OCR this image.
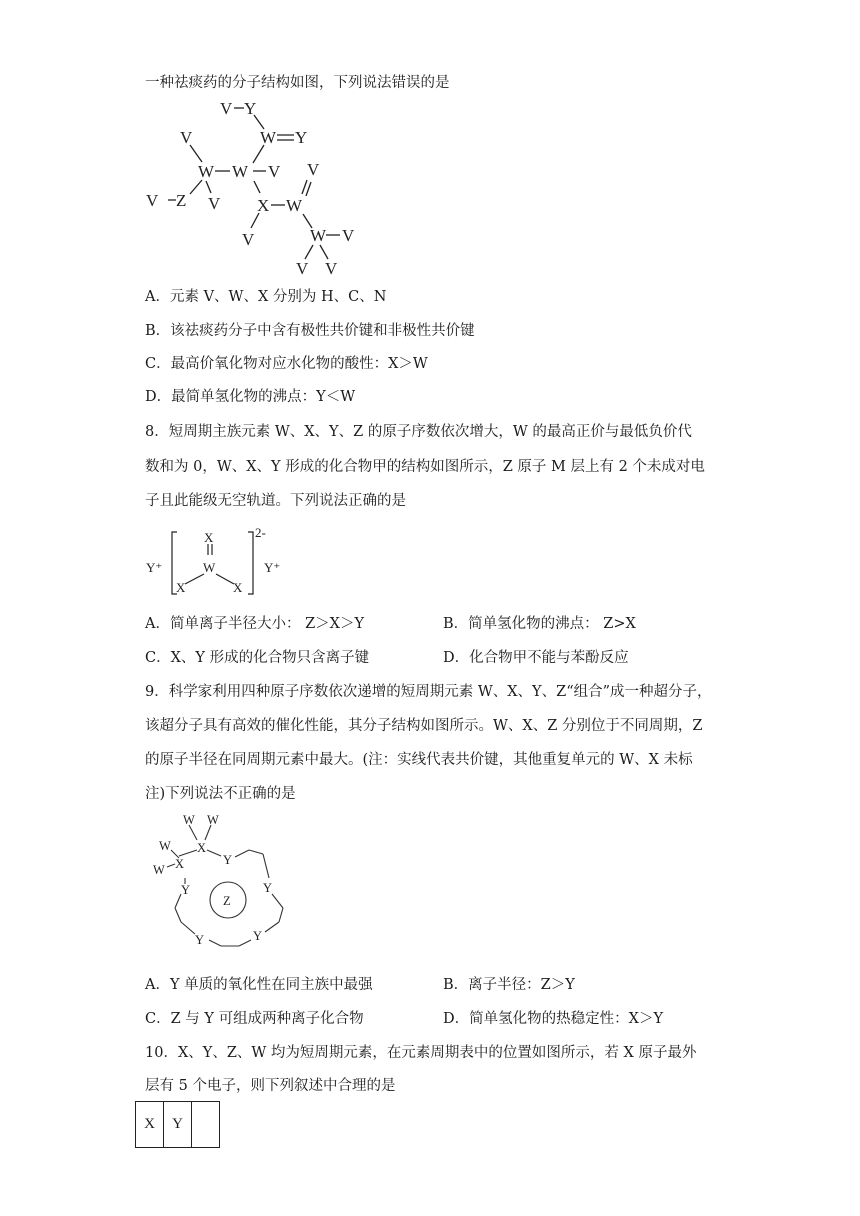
一种祛痰药的分子结构如图，下列说法错误的是
V Y
W Y
V
W W V V
V
Z
V	X W
V	W V
V V
A．元素 V、W、X 分别为 H、C、N
B．该祛痰药分子中含有极性共价键和非极性共价键
C．最高价氧化物对应水化物的酸性：X＞W
D．最简单氢化物的沸点：Y＜W
8．短周期主族元素 W、X、Y、Z 的原子序数依次增大，W 的最高正价与最低负价代
数和为 0，W、X、Y 形成的化合物甲的结构如图所示，Z 原子 M 层上有 2 个未成对电
子且此能级无空轨道。下列说法正确的是
Y⁺	Y⁺
2-
X
W
X	X
A．简单离子半径大小： Z＞X＞Y	B．简单氢化物的沸点： Z>X
C．X、Y 形成的化合物只含离子键	D．化合物甲不能与苯酚反应
9．科学家利用四种原子序数依次递增的短周期元素 W、X、Y、Z“组合”成一种超分子，
该超分子具有高效的催化性能，其分子结构如图所示。W、X、Z 分别位于不同周期，Z
的原子半径在同周期元素中最大。(注：实线代表共价键，其他重复单元的 W、X 未标
注)下列说法不正确的是
W W
X
W
W X	Y
Y
Y
Y
Y
Z
A．Y 单质的氧化性在同主族中最强	B．离子半径：Z＞Y
C．Z 与 Y 可组成两种离子化合物	D．简单氢化物的热稳定性：X＞Y
10．X、Y、Z、W 均为短周期元素，在元素周期表中的位置如图所示，若 X 原子最外
层有 5 个电子，则下列叙述中合理的是
X	Y	
